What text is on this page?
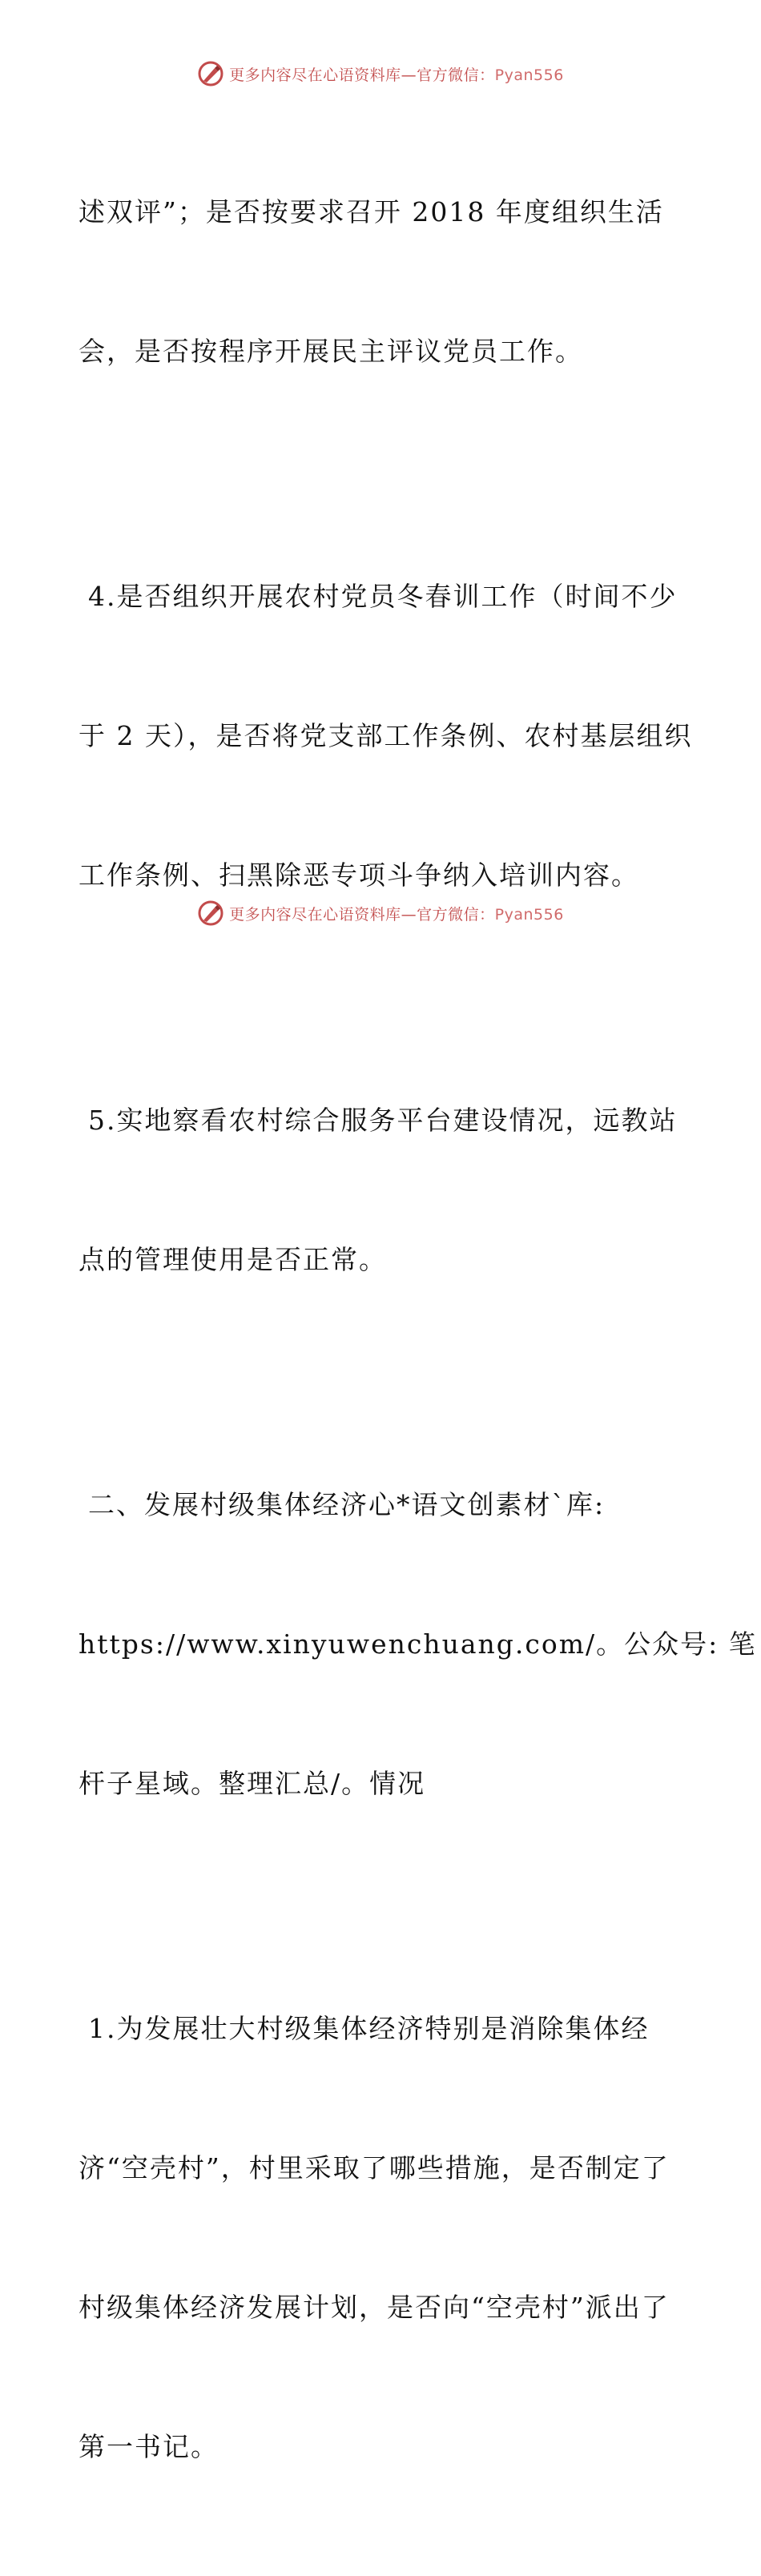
更多内容尽在心语资料库—官方微信：Pyan556

述双评”；是否按要求召开 2018 年度组织生活

会，是否按程序开展民主评议党员工作。

4.是否组织开展农村党员冬春训工作（时间不少

于 2 天），是否将党支部工作条例、农村基层组织

工作条例、扫黑除恶专项斗争纳入培训内容。

5.实地察看农村综合服务平台建设情况，远教站

点的管理使用是否正常。

二、发展村级集体经济心*语文创素材`库:

https://www.xinyuwenchuang.com/。公众号: 笔

杆子星域。整理汇总/。情况

1.为发展壮大村级集体经济特别是消除集体经

济“空壳村”，村里采取了哪些措施，是否制定了

村级集体经济发展计划，是否向“空壳村”派出了

第一书记。

更多内容尽在心语资料库—官方微信：Pyan556
